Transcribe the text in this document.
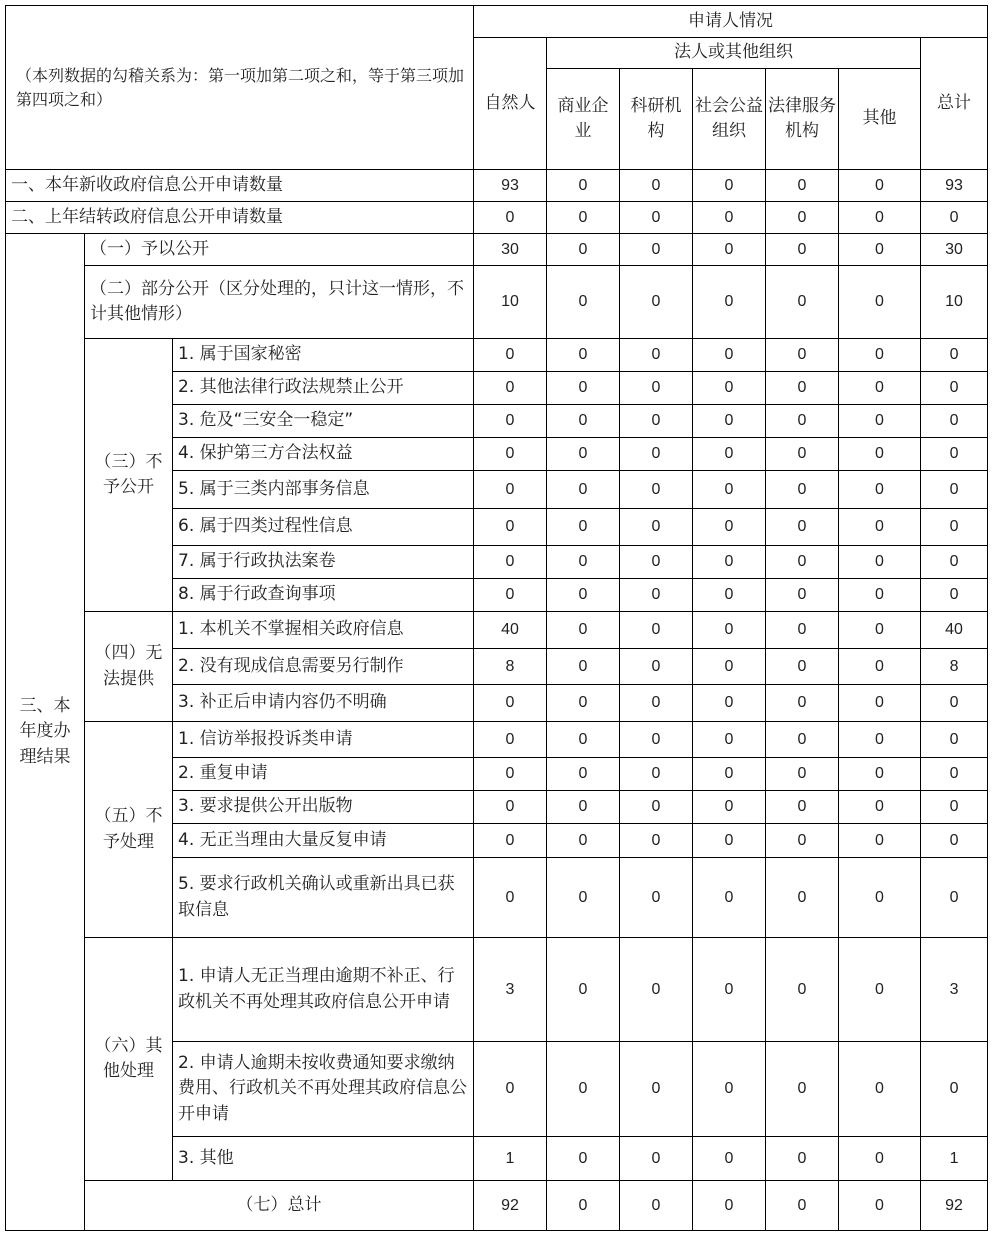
（本列数据的勾稽关系为：第一项加第二项之和，等于第三项加第四项之和）			申请人情况						
			自然人	法人或其他组织					总计
				商业企业	科研机构	社会公益组织	法律服务机构	其他	
一、本年新收政府信息公开申请数量			93	0	0	0	0	0	93
二、上年结转政府信息公开申请数量			0	0	0	0	0	0	0
三、本年度办理结果	（一）予以公开		30	0	0	0	0	0	30
	（二）部分公开（区分处理的，只计这一情形，不计其他情形）		10	0	0	0	0	0	10
	（三）不予公开	1. 属于国家秘密	0	0	0	0	0	0	0
		2. 其他法律行政法规禁止公开	0	0	0	0	0	0	0
		3. 危及“三安全一稳定”	0	0	0	0	0	0	0
		4. 保护第三方合法权益	0	0	0	0	0	0	0
		5. 属于三类内部事务信息	0	0	0	0	0	0	0
		6. 属于四类过程性信息	0	0	0	0	0	0	0
		7. 属于行政执法案卷	0	0	0	0	0	0	0
		8. 属于行政查询事项	0	0	0	0	0	0	0
	（四）无法提供	1. 本机关不掌握相关政府信息	40	0	0	0	0	0	40
		2. 没有现成信息需要另行制作	8	0	0	0	0	0	8
		3. 补正后申请内容仍不明确	0	0	0	0	0	0	0
	（五）不予处理	1. 信访举报投诉类申请	0	0	0	0	0	0	0
		2. 重复申请	0	0	0	0	0	0	0
		3. 要求提供公开出版物	0	0	0	0	0	0	0
		4. 无正当理由大量反复申请	0	0	0	0	0	0	0
		5. 要求行政机关确认或重新出具已获取信息	0	0	0	0	0	0	0
	（六）其他处理	1. 申请人无正当理由逾期不补正、行政机关不再处理其政府信息公开申请	3	0	0	0	0	0	3
		2. 申请人逾期未按收费通知要求缴纳费用、行政机关不再处理其政府信息公开申请	0	0	0	0	0	0	0
		3. 其他	1	0	0	0	0	0	1
	（七）总计		92	0	0	0	0	0	92
